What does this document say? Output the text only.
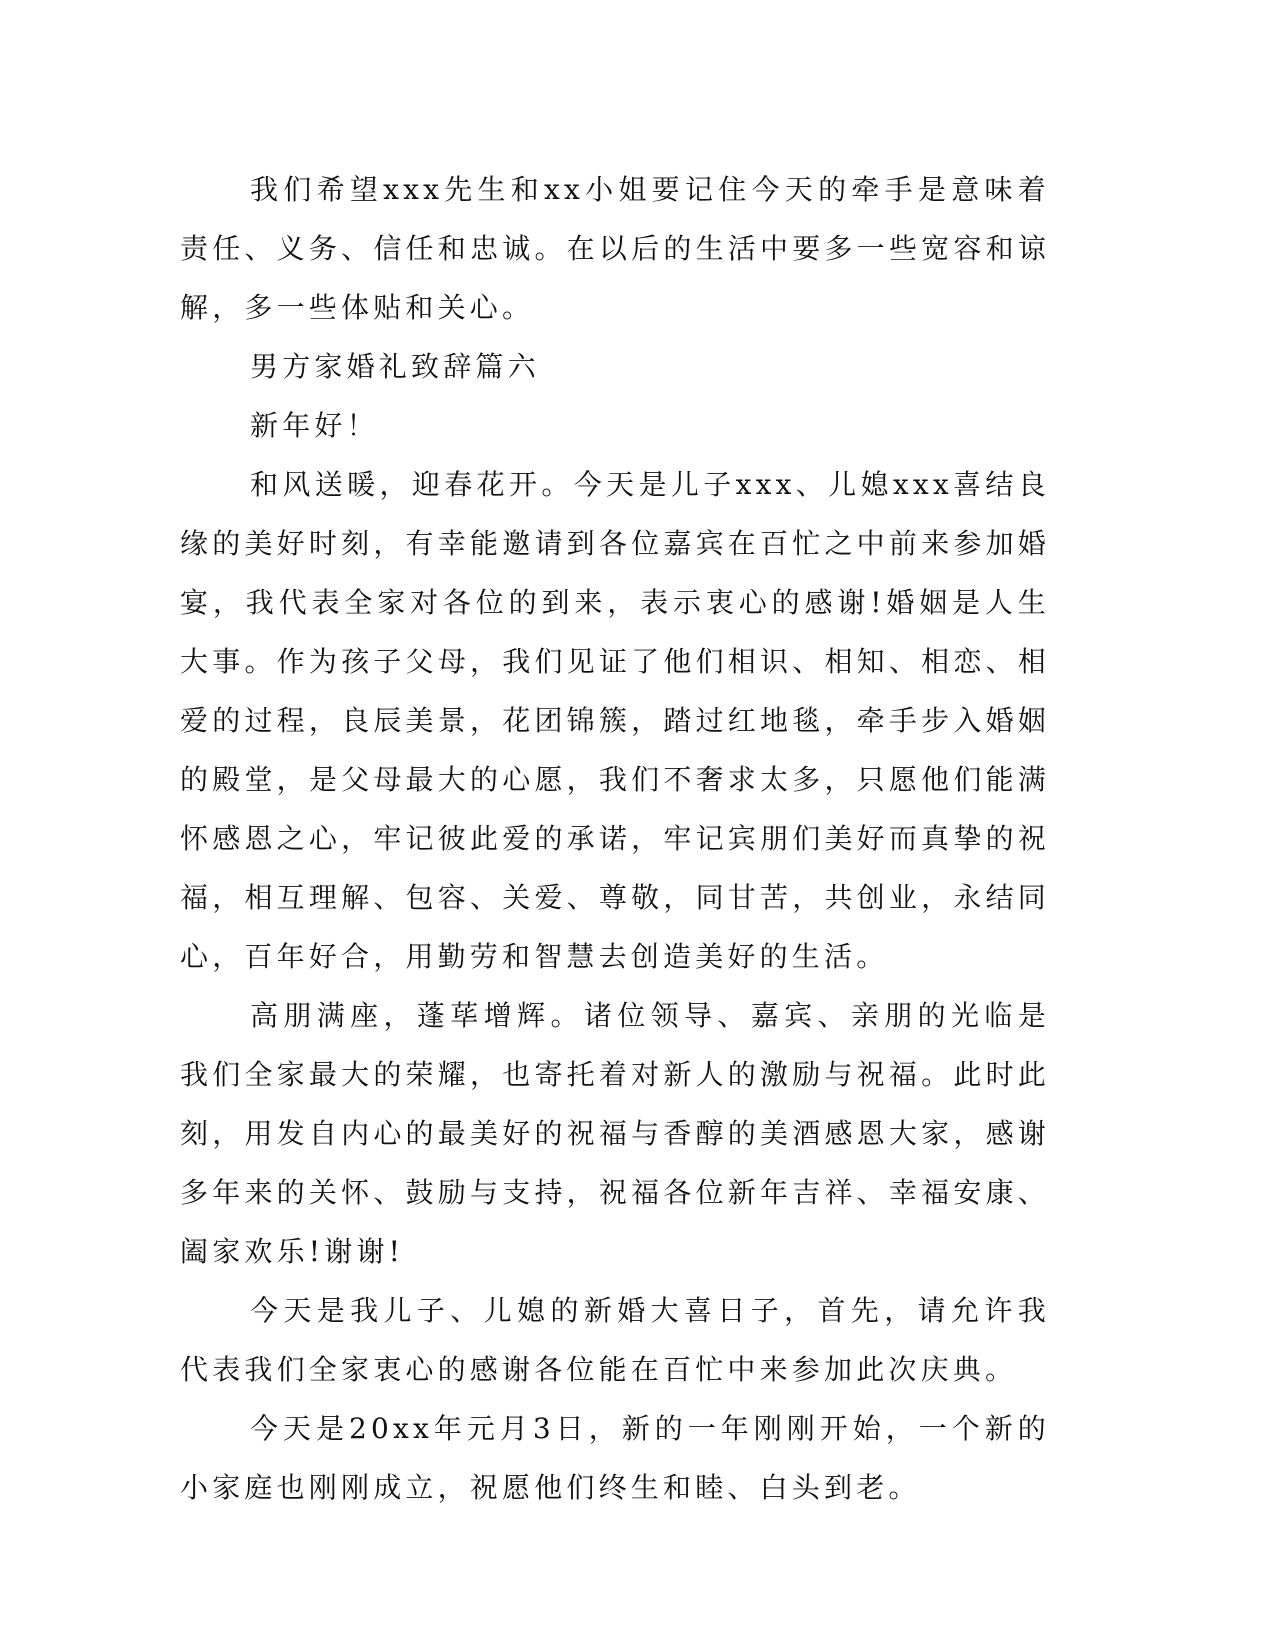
我们希望xxx先生和xx小姐要记住今天的牵手是意味着责任、义务、信任和忠诚。在以后的生活中要多一些宽容和谅解，多一些体贴和关心。

男方家婚礼致辞篇六

新年好！

和风送暖，迎春花开。今天是儿子xxx、儿媳xxx喜结良缘的美好时刻，有幸能邀请到各位嘉宾在百忙之中前来参加婚宴，我代表全家对各位的到来，表示衷心的感谢!婚姻是人生大事。作为孩子父母，我们见证了他们相识、相知、相恋、相爱的过程，良辰美景，花团锦簇，踏过红地毯，牵手步入婚姻的殿堂，是父母最大的心愿，我们不奢求太多，只愿他们能满怀感恩之心，牢记彼此爱的承诺，牢记宾朋们美好而真挚的祝福，相互理解、包容、关爱、尊敬，同甘苦，共创业，永结同心，百年好合，用勤劳和智慧去创造美好的生活。

高朋满座，蓬荜增辉。诸位领导、嘉宾、亲朋的光临是我们全家最大的荣耀，也寄托着对新人的激励与祝福。此时此刻，用发自内心的最美好的祝福与香醇的美酒感恩大家，感谢多年来的关怀、鼓励与支持，祝福各位新年吉祥、幸福安康、阖家欢乐!谢谢!

今天是我儿子、儿媳的新婚大喜日子，首先，请允许我代表我们全家衷心的感谢各位能在百忙中来参加此次庆典。

今天是20xx年元月3日，新的一年刚刚开始，一个新的小家庭也刚刚成立，祝愿他们终生和睦、白头到老。
